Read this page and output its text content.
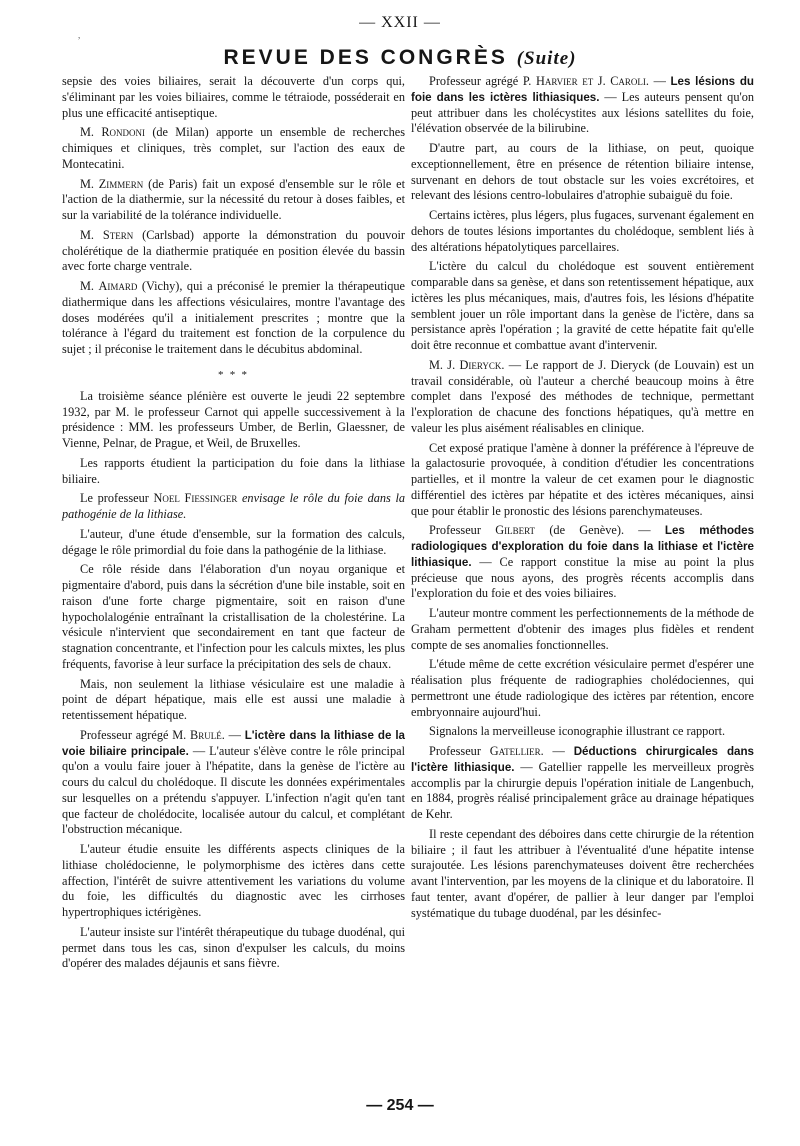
,
— XXII —
REVUE DES CONGRÈS (Suite)

sepsie des voies biliaires, serait la découverte d'un corps qui, s'éliminant par les voies biliaires, comme le tétraiode, posséderait en plus une efficacité antiseptique.

M. Rondoni (de Milan) apporte un ensemble de recherches chimiques et cliniques, très complet, sur l'action des eaux de Montecatini.

M. Zimmern (de Paris) fait un exposé d'ensemble sur le rôle et l'action de la diathermie, sur la nécessité du retour à doses faibles, et sur la variabilité de la tolérance individuelle.

M. Stern (Carlsbad) apporte la démonstration du pouvoir cholérétique de la diathermie pratiquée en position élevée du bassin avec forte charge ventrale.

M. Aimard (Vichy), qui a préconisé le premier la thérapeutique diathermique dans les affections vésiculaires, montre l'avantage des doses modérées qu'il a initialement prescrites ; montre que la tolérance à l'égard du traitement est fonction de la corpulence du sujet ; il préconise le traitement dans le décubitus abdominal.

* * *

La troisième séance plénière est ouverte le jeudi 22 septembre 1932, par M. le professeur Carnot qui appelle successivement à la présidence : MM. les professeurs Umber, de Berlin, Glaessner, de Vienne, Pelnar, de Prague, et Weil, de Bruxelles.

Les rapports étudient la participation du foie dans la lithiase biliaire.

Le professeur Noel Fiessinger envisage le rôle du foie dans la pathogénie de la lithiase.

L'auteur, d'une étude d'ensemble, sur la formation des calculs, dégage le rôle primordial du foie dans la pathogénie de la lithiase.

Ce rôle réside dans l'élaboration d'un noyau organique et pigmentaire d'abord, puis dans la sécrétion d'une bile instable, soit en raison d'une forte charge pigmentaire, soit en raison d'une hypocholalogénie entraînant la cristallisation de la cholestérine. La vésicule n'intervient que secondairement en tant que facteur de stagnation concentrante, et l'infection pour les calculs mixtes, les plus fréquents, favorise à leur surface la précipitation des sels de chaux.

Mais, non seulement la lithiase vésiculaire est une maladie à point de départ hépatique, mais elle est aussi une maladie à retentissement hépatique.

Professeur agrégé M. Brulé. — L'ictère dans la lithiase de la voie biliaire principale. — L'auteur s'élève contre le rôle principal qu'on a voulu faire jouer à l'hépatite, dans la genèse de l'ictère au cours du calcul du cholédoque. Il discute les données expérimentales sur lesquelles on a prétendu s'appuyer. L'infection n'agit qu'en tant que facteur de cholédocite, localisée autour du calcul, et complétant l'obstruction mécanique.

L'auteur étudie ensuite les différents aspects cliniques de la lithiase cholédocienne, le polymorphisme des ictères dans cette affection, l'intérêt de suivre attentivement les variations du volume du foie, les difficultés du diagnostic avec les cirrhoses hypertrophiques ictérigènes.

L'auteur insiste sur l'intérêt thérapeutique du tubage duodénal, qui permet dans tous les cas, sinon d'expulser les calculs, du moins d'opérer des malades déjaunis et sans fièvre.

Professeur agrégé P. Harvier et J. Caroli. — Les lésions du foie dans les ictères lithiasiques. — Les auteurs pensent qu'on peut attribuer dans les cholécystites aux lésions satellites du foie, l'élévation observée de la bilirubine.

D'autre part, au cours de la lithiase, on peut, quoique exceptionnellement, être en présence de rétention biliaire intense, survenant en dehors de tout obstacle sur les voies excrétoires, et relevant des lésions centro-lobulaires d'atrophie subaiguë du foie.

Certains ictères, plus légers, plus fugaces, survenant également en dehors de toutes lésions importantes du cholédoque, semblent liés à des altérations hépatolytiques parcellaires.

L'ictère du calcul du cholédoque est souvent entièrement comparable dans sa genèse, et dans son retentissement hépatique, aux ictères les plus mécaniques, mais, d'autres fois, les lésions d'hépatite semblent jouer un rôle important dans la genèse de l'ictère, dans sa persistance après l'opération ; la gravité de cette hépatite fait qu'elle doit être reconnue et combattue avant d'intervenir.

M. J. Dieryck. — Le rapport de J. Dieryck (de Louvain) est un travail considérable, où l'auteur a cherché beaucoup moins à être complet dans l'exposé des méthodes de technique, permettant l'exploration de chacune des fonctions hépatiques, qu'à mettre en valeur les plus aisément réalisables en clinique.

Cet exposé pratique l'amène à donner la préférence à l'épreuve de la galactosurie provoquée, à condition d'étudier les concentrations partielles, et il montre la valeur de cet examen pour le diagnostic différentiel des ictères par hépatite et des ictères mécaniques, ainsi que pour établir le pronostic des lésions parenchymateuses.

Professeur Gilbert (de Genève). — Les méthodes radiologiques d'exploration du foie dans la lithiase et l'ictère lithiasique. — Ce rapport constitue la mise au point la plus précieuse que nous ayons, des progrès récents accomplis dans l'exploration du foie et des voies biliaires.

L'auteur montre comment les perfectionnements de la méthode de Graham permettent d'obtenir des images plus fidèles et rendent compte de ses anomalies fonctionnelles.

L'étude même de cette excrétion vésiculaire permet d'espérer une réalisation plus fréquente de radiographies cholédociennes, qui permettront une étude radiologique des ictères par rétention, encore embryonnaire aujourd'hui.

Signalons la merveilleuse iconographie illustrant ce rapport.

Professeur Gatellier. — Déductions chirurgicales dans l'ictère lithiasique. — Gatellier rappelle les merveilleux progrès accomplis par la chirurgie depuis l'opération initiale de Langenbuch, en 1884, progrès réalisé principalement grâce au drainage hépatiques de Kehr.

Il reste cependant des déboires dans cette chirurgie de la rétention biliaire ; il faut les attribuer à l'éventualité d'une hépatite intense surajoutée. Les lésions parenchymateuses doivent être recherchées avant l'intervention, par les moyens de la clinique et du laboratoire. Il faut tenter, avant d'opérer, de pallier à leur danger par l'emploi systématique du tubage duodénal, par les désinfec-

— 254 —
